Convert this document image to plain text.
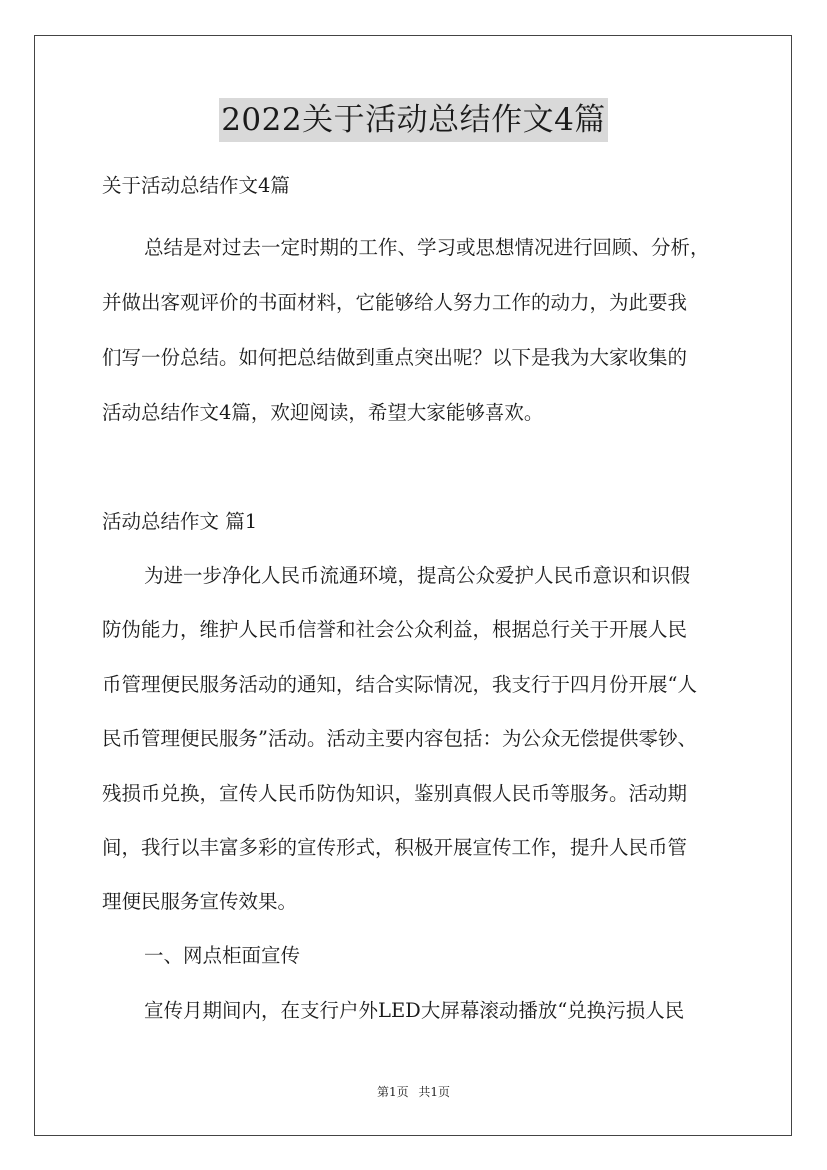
2022关于活动总结作文4篇
关于活动总结作文4篇
总结是对过去一定时期的工作、学习或思想情况进行回顾、分析，
并做出客观评价的书面材料，它能够给人努力工作的动力，为此要我
们写一份总结。如何把总结做到重点突出呢？以下是我为大家收集的
活动总结作文4篇，欢迎阅读，希望大家能够喜欢。
活动总结作文 篇1
为进一步净化人民币流通环境，提高公众爱护人民币意识和识假
防伪能力，维护人民币信誉和社会公众利益，根据总行关于开展人民
币管理便民服务活动的通知，结合实际情况，我支行于四月份开展“人
民币管理便民服务”活动。活动主要内容包括：为公众无偿提供零钞、
残损币兑换，宣传人民币防伪知识，鉴别真假人民币等服务。活动期
间，我行以丰富多彩的宣传形式，积极开展宣传工作，提升人民币管
理便民服务宣传效果。
一、网点柜面宣传
宣传月期间内，在支行户外LED大屏幕滚动播放“兑换污损人民
第1页 共1页
